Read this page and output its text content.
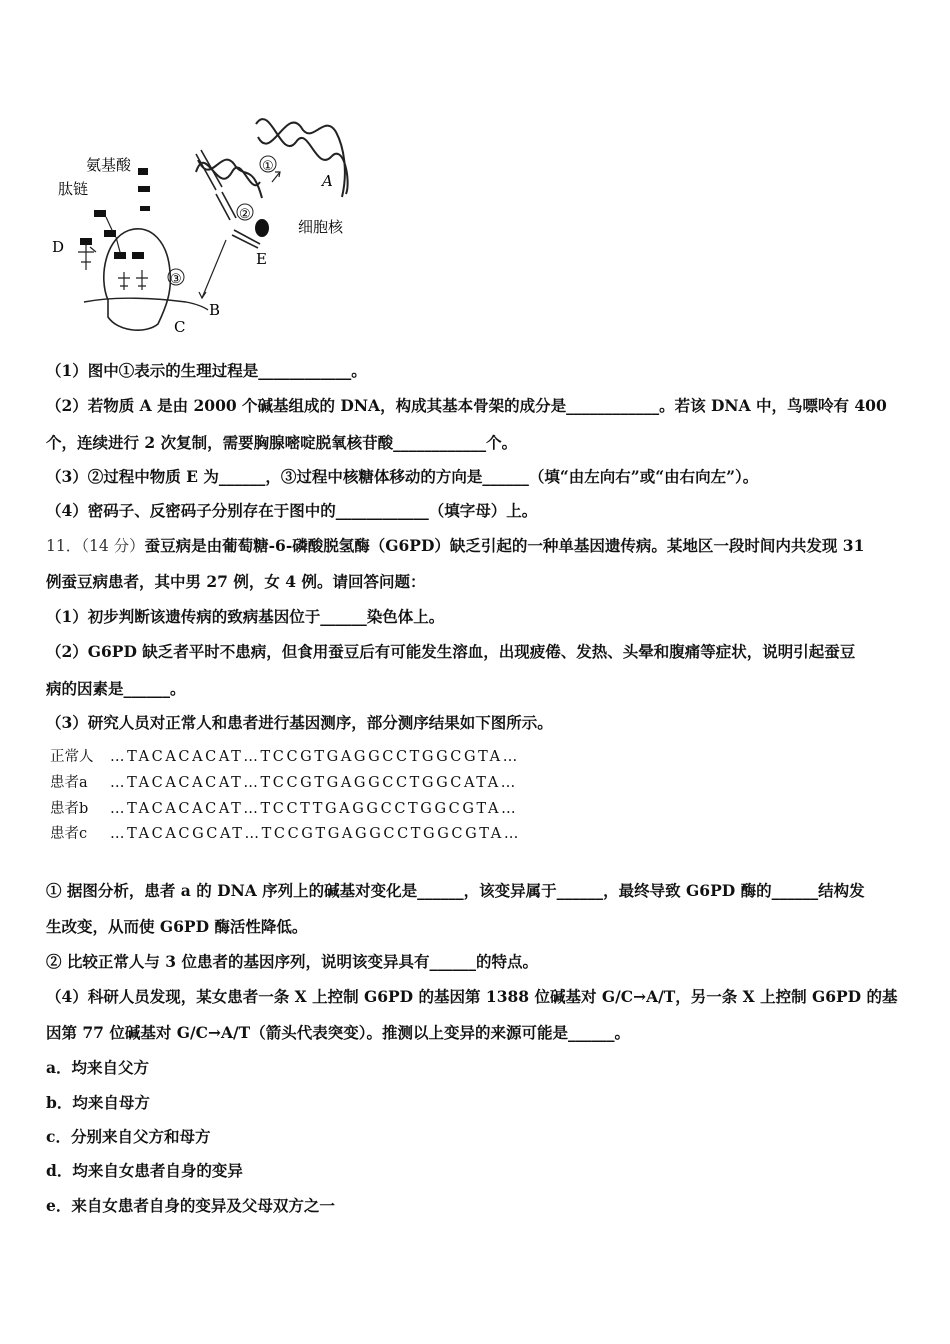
氨基酸
肽链
D
③
B
C
②
E
①
A
细胞核
（1）图中①表示的生理过程是____________。
（2）若物质 A 是由 2000 个碱基组成的 DNA，构成其基本骨架的成分是____________。若该 DNA 中，鸟嘌呤有 400
个，连续进行 2 次复制，需要胸腺嘧啶脱氧核苷酸____________个。
（3）②过程中物质 E 为______，③过程中核糖体移动的方向是______（填“由左向右”或“由右向左”）。
（4）密码子、反密码子分别存在于图中的____________（填字母）上。
11．（14 分）蚕豆病是由葡萄糖-6-磷酸脱氢酶（G6PD）缺乏引起的一种单基因遗传病。某地区一段时间内共发现 31
例蚕豆病患者，其中男 27 例，女 4 例。请回答问题：
（1）初步判断该遗传病的致病基因位于______染色体上。
（2）G6PD 缺乏者平时不患病，但食用蚕豆后有可能发生溶血，出现疲倦、发热、头晕和腹痛等症状，说明引起蚕豆
病的因素是______。
（3）研究人员对正常人和患者进行基因测序，部分测序结果如下图所示。
正常人 …TACACACAT…TCCGTGAGGCCTGGCGTA…
患者a …TACACACAT…TCCGTGAGGCCTGGCATA…
患者b …TACACACAT…TCCTTGAGGCCTGGCGTA…
患者c …TACACGCAT…TCCGTGAGGCCTGGCGTA…
① 据图分析，患者 a 的 DNA 序列上的碱基对变化是______，该变异属于______，最终导致 G6PD 酶的______结构发
生改变，从而使 G6PD 酶活性降低。
② 比较正常人与 3 位患者的基因序列，说明该变异具有______的特点。
（4）科研人员发现，某女患者一条 X 上控制 G6PD 的基因第 1388 位碱基对 G/C→A/T，另一条 X 上控制 G6PD 的基
因第 77 位碱基对 G/C→A/T（箭头代表突变）。推测以上变异的来源可能是______。
a．均来自父方
b．均来自母方
c．分别来自父方和母方
d．均来自女患者自身的变异
e．来自女患者自身的变异及父母双方之一
